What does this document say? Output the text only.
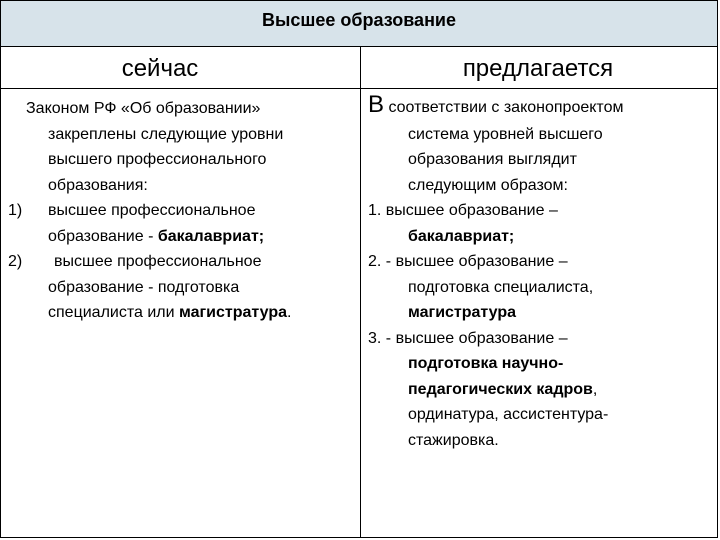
Высшее образование
сейчас	предлагается
Законом РФ «Об образовании»
закреплены следующие уровни
высшего профессионального
образования:
1) высшее профессиональное
образование - бакалавриат;
2) высшее профессиональное
образование - подготовка
специалиста или магистратура.
В соответствии с законопроектом
система уровней высшего
образования выглядит
следующим образом:
1. высшее образование –
бакалавриат;
2. - высшее образование –
подготовка специалиста,
магистратура
3. - высшее образование –
подготовка научно-
педагогических кадров,
ординатура, ассистентура-
стажировка.
